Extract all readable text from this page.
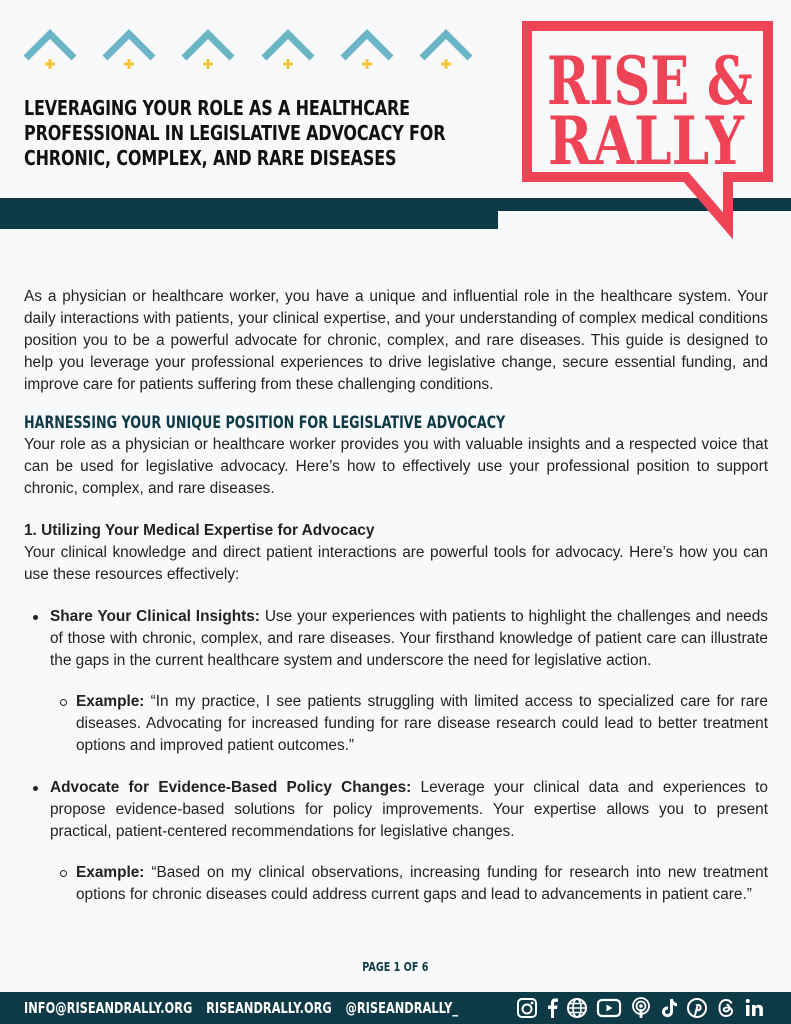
LEVERAGING YOUR ROLE AS A HEALTHCARE
PROFESSIONAL IN LEGISLATIVE ADVOCACY FOR
CHRONIC, COMPLEX, AND RARE DISEASES
RISE &
RALLY

As a physician or healthcare worker, you have a unique and influential role in the healthcare system. Your daily interactions with patients, your clinical expertise, and your understanding of complex medical conditions position you to be a powerful advocate for chronic, complex, and rare diseases. This guide is designed to help you leverage your professional experiences to drive legislative change, secure essential funding, and improve care for patients suffering from these challenging conditions.

HARNESSING YOUR UNIQUE POSITION FOR LEGISLATIVE ADVOCACY

Your role as a physician or healthcare worker provides you with valuable insights and a respected voice that can be used for legislative advocacy. Here’s how to effectively use your professional position to support chronic, complex, and rare diseases.

1. Utilizing Your Medical Expertise for Advocacy

Your clinical knowledge and direct patient interactions are powerful tools for advocacy. Here’s how you can use these resources effectively:

Share Your Clinical Insights: Use your experiences with patients to highlight the challenges and needs of those with chronic, complex, and rare diseases. Your firsthand knowledge of patient care can illustrate the gaps in the current healthcare system and underscore the need for legislative action.

Example: “In my practice, I see patients struggling with limited access to specialized care for rare diseases. Advocating for increased funding for rare disease research could lead to better treatment options and improved patient outcomes.”

Advocate for Evidence-Based Policy Changes: Leverage your clinical data and experiences to propose evidence-based solutions for policy improvements. Your expertise allows you to present practical, patient-centered recommendations for legislative changes.

Example: “Based on my clinical observations, increasing funding for research into new treatment options for chronic diseases could address current gaps and lead to advancements in patient care.”

PAGE 1 OF 6
INFO@RISEANDRALLY.ORG RISEANDRALLY.ORG @RISEANDRALLY_
